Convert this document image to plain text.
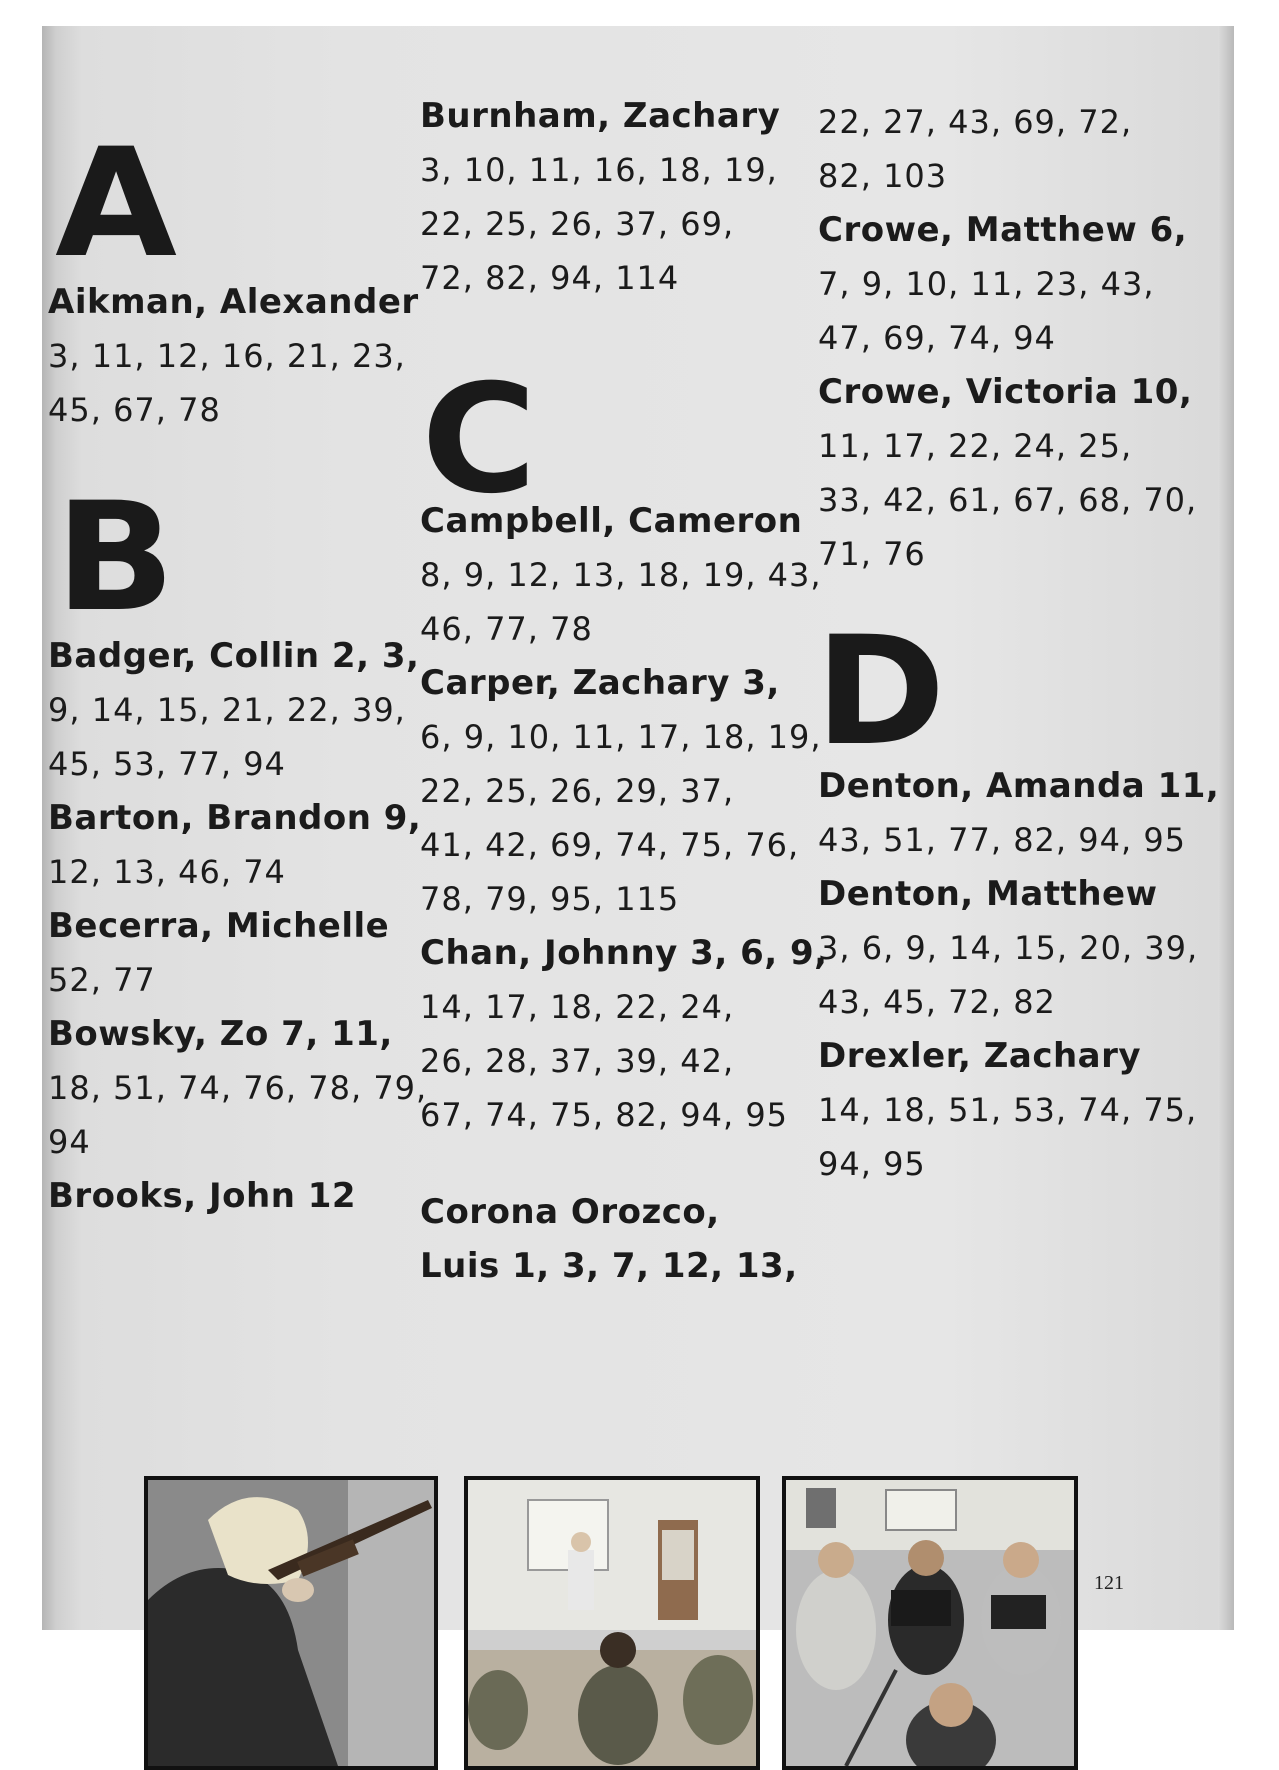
A
Aikman, Alexander
3, 11, 12, 16, 21, 23,
45, 67, 78
B
Badger, Collin 2, 3,
9, 14, 15, 21, 22, 39,
45, 53, 77, 94
Barton, Brandon 9,
12, 13, 46, 74
Becerra, Michelle
52, 77
Bowsky, Zo 7, 11,
18, 51, 74, 76, 78, 79,
94
Brooks, John 12
Burnham, Zachary
3, 10, 11, 16, 18, 19,
22, 25, 26, 37, 69,
72, 82, 94, 114
C
Campbell, Cameron
8, 9, 12, 13, 18, 19, 43,
46, 77, 78
Carper, Zachary 3,
6, 9, 10, 11, 17, 18, 19,
22, 25, 26, 29, 37,
41, 42, 69, 74, 75, 76,
78, 79, 95, 115
Chan, Johnny 3, 6, 9,
14, 17, 18, 22, 24,
26, 28, 37, 39, 42,
67, 74, 75, 82, 94, 95
Corona Orozco,
Luis 1, 3, 7, 12, 13,
22, 27, 43, 69, 72,
82, 103
Crowe, Matthew 6,
7, 9, 10, 11, 23, 43,
47, 69, 74, 94
Crowe, Victoria 10,
11, 17, 22, 24, 25,
33, 42, 61, 67, 68, 70,
71, 76
D
Denton, Amanda 11,
43, 51, 77, 82, 94, 95
Denton, Matthew
3, 6, 9, 14, 15, 20, 39,
43, 45, 72, 82
Drexler, Zachary
14, 18, 51, 53, 74, 75,
94, 95
121
